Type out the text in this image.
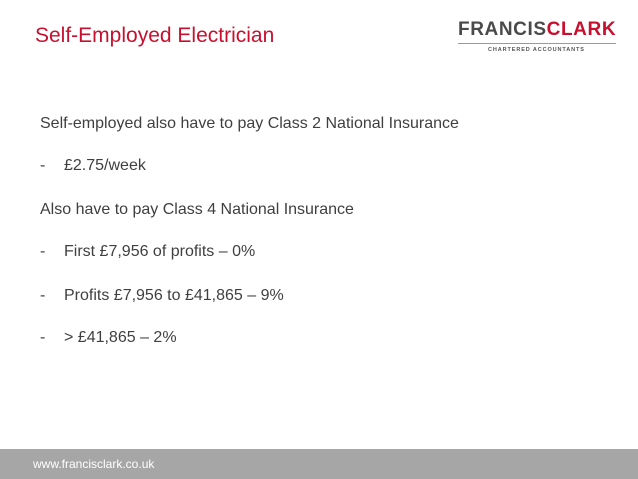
Self-Employed Electrician	FRANCISCLARK
CHARTERED ACCOUNTANTS
Self-employed also have to pay Class 2 National Insurance
- £2.75/week
Also have to pay Class 4 National Insurance
- First £7,956 of profits – 0%
- Profits £7,956 to £41,865 – 9%
- > £41,865 – 2%
www.francisclark.co.uk
